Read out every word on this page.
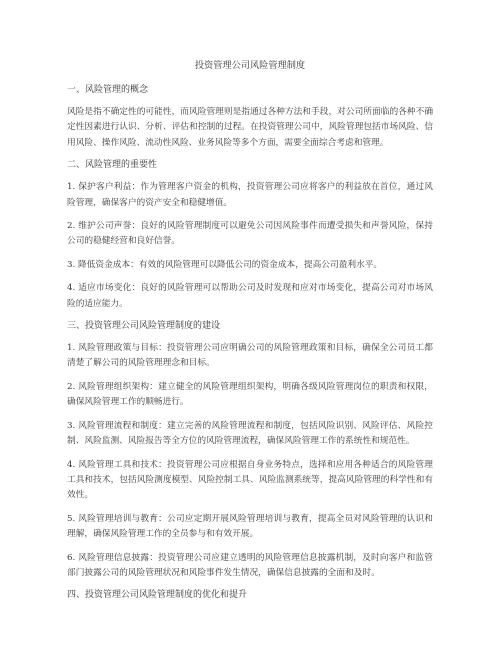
投资管理公司风险管理制度
一、风险管理的概念
风险是指不确定性的可能性，而风险管理则是指通过各种方法和手段，对公司所面临的各种不确定性因素进行认识、分析、评估和控制的过程。在投资管理公司中，风险管理包括市场风险、信用风险、操作风险、流动性风险、业务风险等多个方面，需要全面综合考虑和管理。
二、风险管理的重要性
1. 保护客户利益：作为管理客户资金的机构，投资管理公司应将客户的利益放在首位，通过风险管理，确保客户的资产安全和稳健增值。
2. 维护公司声誉：良好的风险管理制度可以避免公司因风险事件而遭受损失和声誉风险，保持公司的稳健经营和良好信誉。
3. 降低资金成本：有效的风险管理可以降低公司的资金成本，提高公司盈利水平。
4. 适应市场变化：良好的风险管理可以帮助公司及时发现和应对市场变化，提高公司对市场风险的适应能力。
三、投资管理公司风险管理制度的建设
1. 风险管理政策与目标：投资管理公司应明确公司的风险管理政策和目标，确保全公司员工都清楚了解公司的风险管理理念和目标。
2. 风险管理组织架构：建立健全的风险管理组织架构，明确各级风险管理岗位的职责和权限，确保风险管理工作的顺畅进行。
3. 风险管理流程和制度：建立完善的风险管理流程和制度，包括风险识别、风险评估、风险控制、风险监测、风险报告等全方位的风险管理流程，确保风险管理工作的系统性和规范性。
4. 风险管理工具和技术：投资管理公司应根据自身业务特点，选择和应用各种适合的风险管理工具和技术，包括风险测度模型、风险控制工具、风险监测系统等，提高风险管理的科学性和有效性。
5. 风险管理培训与教育：公司应定期开展风险管理培训与教育，提高全员对风险管理的认识和理解，确保风险管理工作的全员参与和有效开展。
6. 风险管理信息披露：投资管理公司应建立透明的风险管理信息披露机制，及时向客户和监管部门披露公司的风险管理状况和风险事件发生情况，确保信息披露的全面和及时。
四、投资管理公司风险管理制度的优化和提升
